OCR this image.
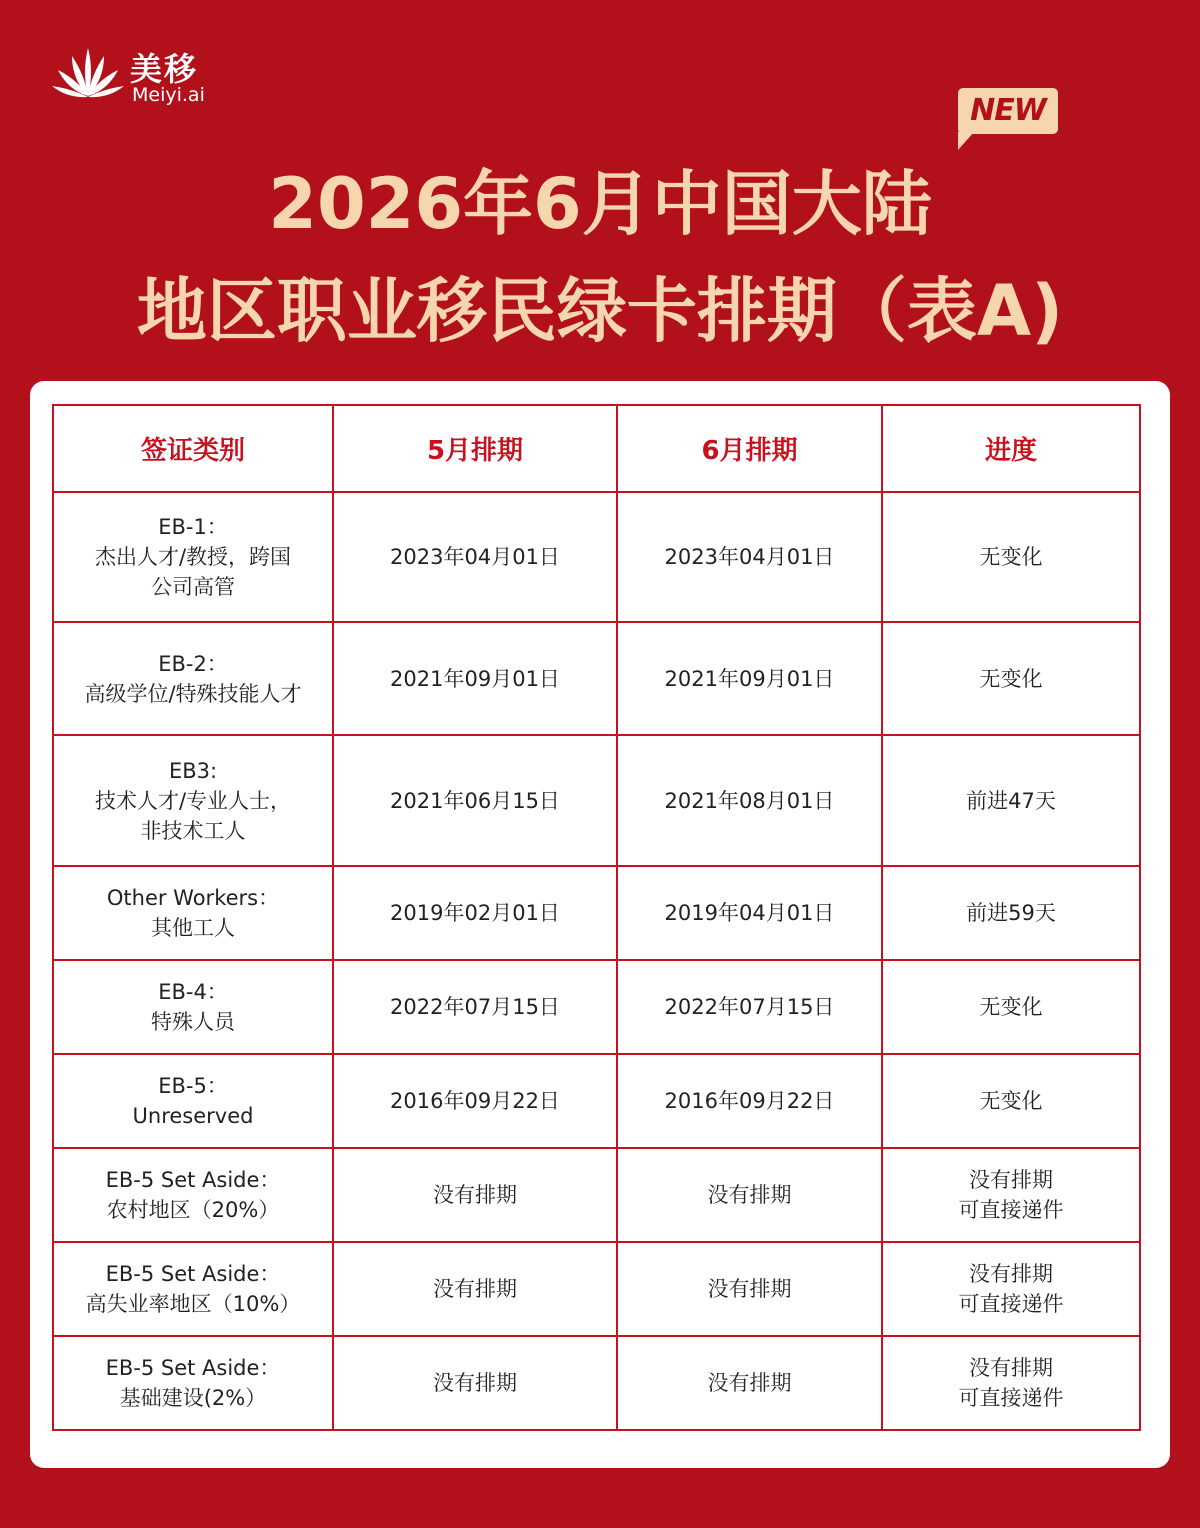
美移
Meiyi.ai	NEW
2026年6月中国大陆
地区职业移民绿卡排期（表A)
签证类别	5月排期	6月排期	进度

EB-1：
杰出人才/教授，跨国
公司高管	2023年04月01日	2023年04月01日	无变化

EB-2：
高级学位/特殊技能人才	2021年09月01日	2021年09月01日	无变化

EB3:
技术人才/专业人士，
非技术工人	2021年06月15日	2021年08月01日	前进47天

Other Workers：
其他工人	2019年02月01日	2019年04月01日	前进59天

EB-4：
特殊人员	2022年07月15日	2022年07月15日	无变化

EB-5：
Unreserved	2016年09月22日	2016年09月22日	无变化

EB-5 Set Aside：
农村地区（20%）	没有排期	没有排期	没有排期
可直接递件

EB-5 Set Aside：
高失业率地区（10%）	没有排期	没有排期	没有排期
可直接递件

EB-5 Set Aside：
基础建设(2%）	没有排期	没有排期	没有排期
可直接递件
